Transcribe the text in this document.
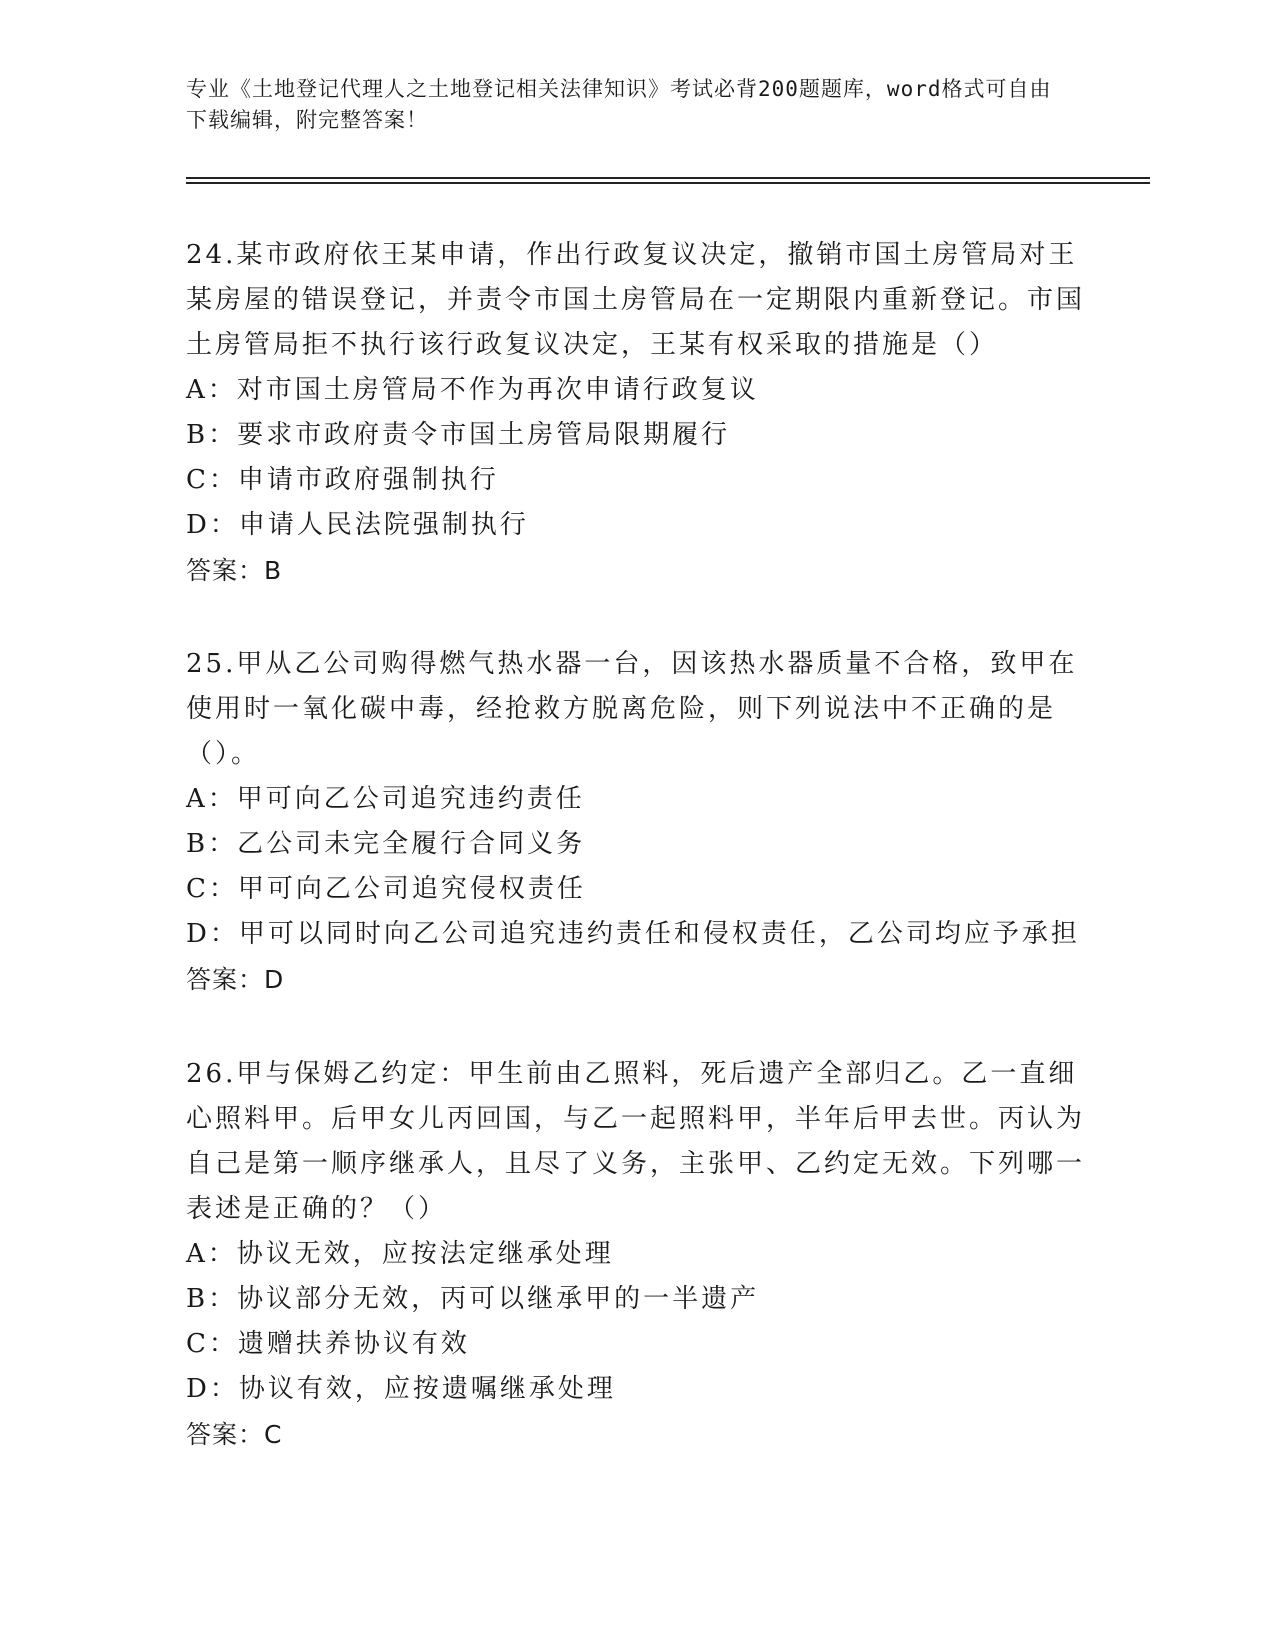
专业《土地登记代理人之土地登记相关法律知识》考试必背200题题库，word格式可自由下载编辑，附完整答案！

24.某市政府依王某申请，作出行政复议决定，撤销市国土房管局对王某房屋的错误登记，并责令市国土房管局在一定期限内重新登记。市国土房管局拒不执行该行政复议决定，王某有权采取的措施是（）

A：对市国土房管局不作为再次申请行政复议

B：要求市政府责令市国土房管局限期履行

C：申请市政府强制执行

D：申请人民法院强制执行

答案：B

25.甲从乙公司购得燃气热水器一台，因该热水器质量不合格，致甲在使用时一氧化碳中毒，经抢救方脱离危险，则下列说法中不正确的是（）。

A：甲可向乙公司追究违约责任

B：乙公司未完全履行合同义务

C：甲可向乙公司追究侵权责任

D：甲可以同时向乙公司追究违约责任和侵权责任，乙公司均应予承担

答案：D

26.甲与保姆乙约定：甲生前由乙照料，死后遗产全部归乙。乙一直细心照料甲。后甲女儿丙回国，与乙一起照料甲，半年后甲去世。丙认为自己是第一顺序继承人，且尽了义务，主张甲、乙约定无效。下列哪一表述是正确的？（）

A：协议无效，应按法定继承处理

B：协议部分无效，丙可以继承甲的一半遗产

C：遗赠扶养协议有效

D：协议有效，应按遗嘱继承处理

答案：C
